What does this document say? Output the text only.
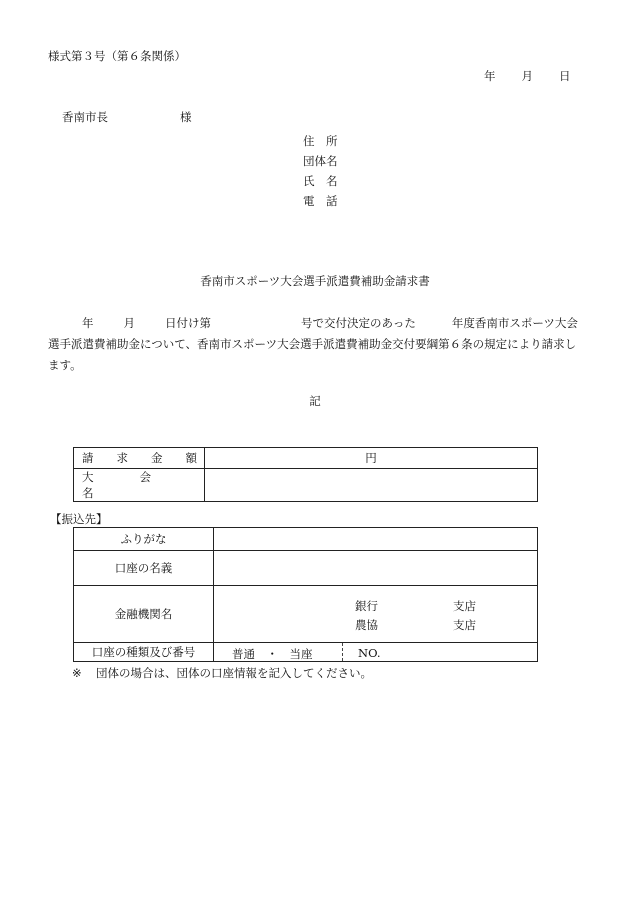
様式第３号（第６条関係）
年 月 日
香南市長	様
住　所
団体名
氏　名
電　話
香南市スポーツ大会選手派遣費補助金請求書
年	月	日付け第	号で交付決定のあった	年度香南市スポーツ大会選手派遣費補助金について、香南市スポーツ大会選手派遣費補助金交付要綱第６条の規定により請求します。
記
請　　求　　金　　額	円
大　　　　会　　　　名	
【振込先】
ふりがな	
口座の名義	
金融機関名	銀行 支店
農協 支店

口座の種類及び番号	普通　・　当座 NO.
※ 団体の場合は、団体の口座情報を記入してください。
